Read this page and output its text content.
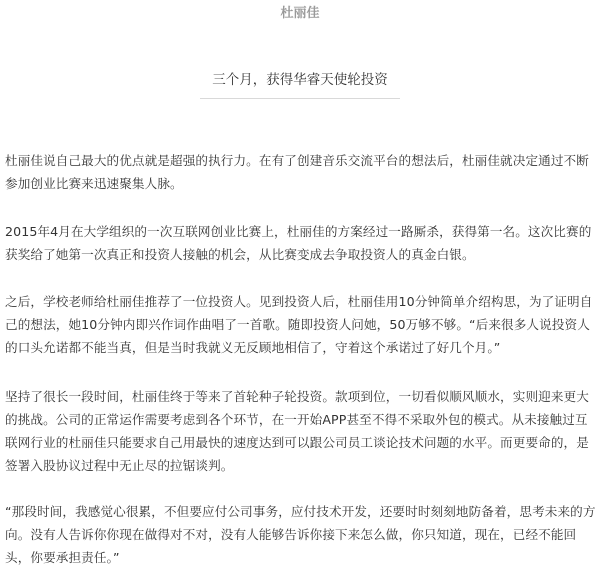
杜丽佳
三个月，获得华睿天使轮投资

杜丽佳说自己最大的优点就是超强的执行力。在有了创建音乐交流平台的想法后，杜丽佳就决定通过不断参加创业比赛来迅速聚集人脉。

2015年4月在大学组织的一次互联网创业比赛上，杜丽佳的方案经过一路厮杀，获得第一名。这次比赛的获奖给了她第一次真正和投资人接触的机会，从比赛变成去争取投资人的真金白银。

之后，学校老师给杜丽佳推荐了一位投资人。见到投资人后，杜丽佳用10分钟简单介绍构思，为了证明自己的想法，她10分钟内即兴作词作曲唱了一首歌。随即投资人问她，50万够不够。“后来很多人说投资人的口头允诺都不能当真，但是当时我就义无反顾地相信了，守着这个承诺过了好几个月。”

坚持了很长一段时间，杜丽佳终于等来了首轮种子轮投资。款项到位，一切看似顺风顺水，实则迎来更大的挑战。公司的正常运作需要考虑到各个环节，在一开始APP甚至不得不采取外包的模式。从未接触过互联网行业的杜丽佳只能要求自己用最快的速度达到可以跟公司员工谈论技术问题的水平。而更要命的，是签署入股协议过程中无止尽的拉锯谈判。

“那段时间，我感觉心很累，不但要应付公司事务，应付技术开发，还要时时刻刻地防备着，思考未来的方向。没有人告诉你你现在做得对不对，没有人能够告诉你接下来怎么做，你只知道，现在，已经不能回头，你要承担责任。”
